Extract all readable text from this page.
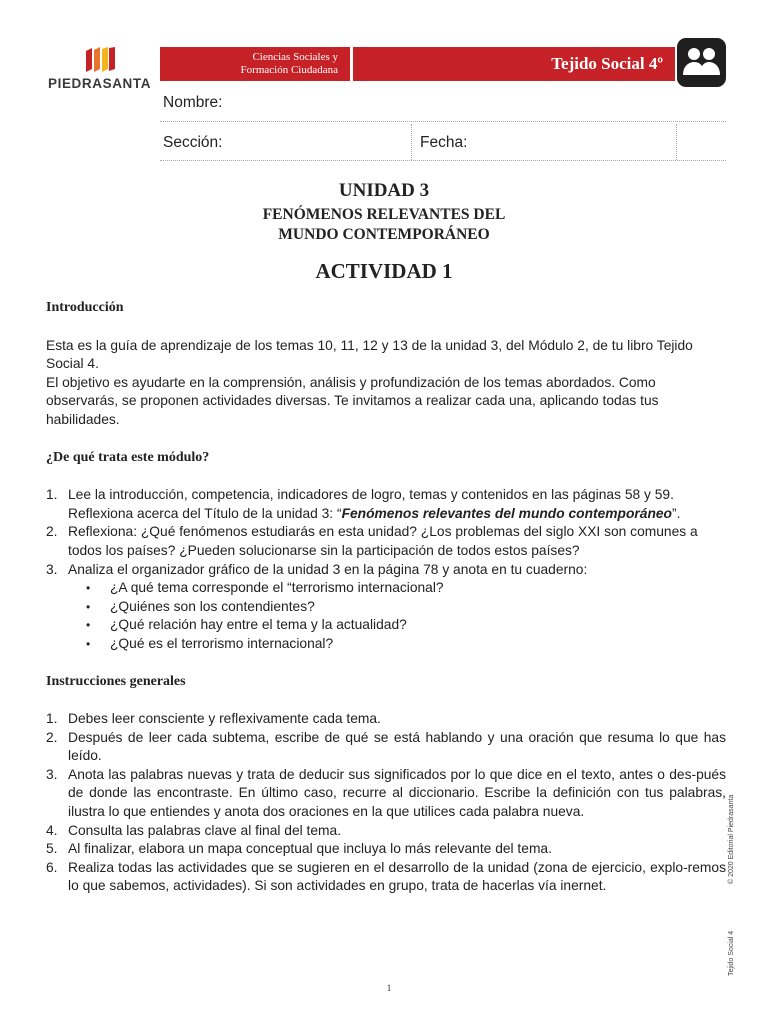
PIEDRASANTA
Ciencias Sociales y
Formación Ciudadana	Tejido Social 4º
Nombre:
Sección:	Fecha:
UNIDAD 3
FENÓMENOS RELEVANTES DEL
MUNDO CONTEMPORÁNEO
ACTIVIDAD 1

Introducción

Esta es la guía de aprendizaje de los temas 10, 11, 12 y 13 de la unidad 3, del Módulo 2, de tu libro Tejido Social 4.

El objetivo es ayudarte en la comprensión, análisis y profundización de los temas abordados. Como observarás, se proponen actividades diversas. Te invitamos a realizar cada una, aplicando todas tus habilidades.

¿De qué trata este módulo?

1. Lee la introducción, competencia, indicadores de logro, temas y contenidos en las páginas 58 y 59. Reflexiona acerca del Título de la unidad 3: “Fenómenos relevantes del mundo contemporáneo”.
2. Reflexiona: ¿Qué fenómenos estudiarás en esta unidad? ¿Los problemas del siglo XXI son comunes a todos los países? ¿Pueden solucionarse sin la participación de todos estos países?
3. Analiza el organizador gráfico de la unidad 3 en la página 78 y anota en tu cuaderno:
• ¿A qué tema corresponde el “terrorismo internacional?
• ¿Quiénes son los contendientes?
• ¿Qué relación hay entre el tema y la actualidad?
• ¿Qué es el terrorismo internacional?

Instrucciones generales

1. Debes leer consciente y reflexivamente cada tema.
2. Después de leer cada subtema, escribe de qué se está hablando y una oración que resuma lo que has leído.
3. Anota las palabras nuevas y trata de deducir sus significados por lo que dice en el texto, antes o des-pués de donde las encontraste. En último caso, recurre al diccionario. Escribe la definición con tus palabras, ilustra lo que entiendes y anota dos oraciones en la que utilices cada palabra nueva.
4. Consulta las palabras clave al final del tema.
5. Al finalizar, elabora un mapa conceptual que incluya lo más relevante del tema.
6. Realiza todas las actividades que se sugieren en el desarrollo de la unidad (zona de ejercicio, explo-remos lo que sabemos, actividades). Si son actividades en grupo, trata de hacerlas vía inernet.
© 2020 Editorial Piedrasanta
Tejido Social 4
1
